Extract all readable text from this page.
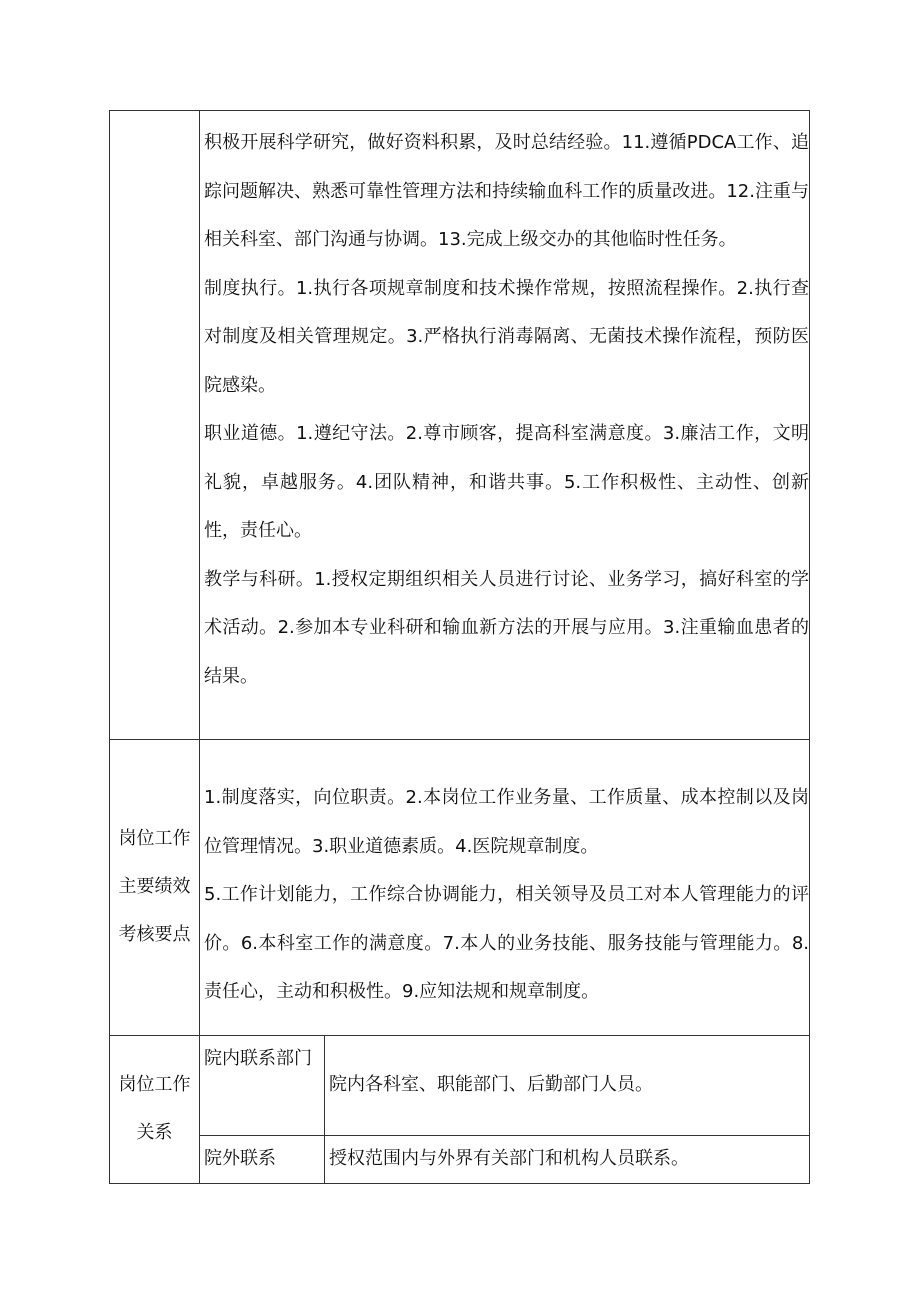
	积极开展科学研究，做好资料积累，及时总结经验。11.遵循PDCA工作、追踪问题解决、熟悉可靠性管理方法和持续输血科工作的质量改进。12.注重与相关科室、部门沟通与协调。13.完成上级交办的其他临时性任务。

制度执行。1.执行各项规章制度和技术操作常规，按照流程操作。2.执行查对制度及相关管理规定。3.严格执行消毒隔离、无菌技术操作流程，预防医院感染。

职业道德。1.遵纪守法。2.尊市顾客，提高科室满意度。3.廉洁工作，文明礼貌，卓越服务。4.团队精神，和谐共事。5.工作积极性、主动性、创新性，责任心。

教学与科研。1.授权定期组织相关人员进行讨论、业务学习，搞好科室的学术活动。2.参加本专业科研和输血新方法的开展与应用。3.注重输血患者的结果。	

岗位工作主要绩效考核要点	1.制度落实，向位职责。2.本岗位工作业务量、工作质量、成本控制以及岗位管理情况。3.职业道德素质。4.医院规章制度。

5.工作计划能力，工作综合协调能力，相关领导及员工对本人管理能力的评价。6.本科室工作的满意度。7.本人的业务技能、服务技能与管理能力。8.责任心，主动和积极性。9.应知法规和规章制度。	

岗位工作关系	院内联系部门	院内各科室、职能部门、后勤部门人员。
	院外联系	授权范围内与外界有关部门和机构人员联系。
